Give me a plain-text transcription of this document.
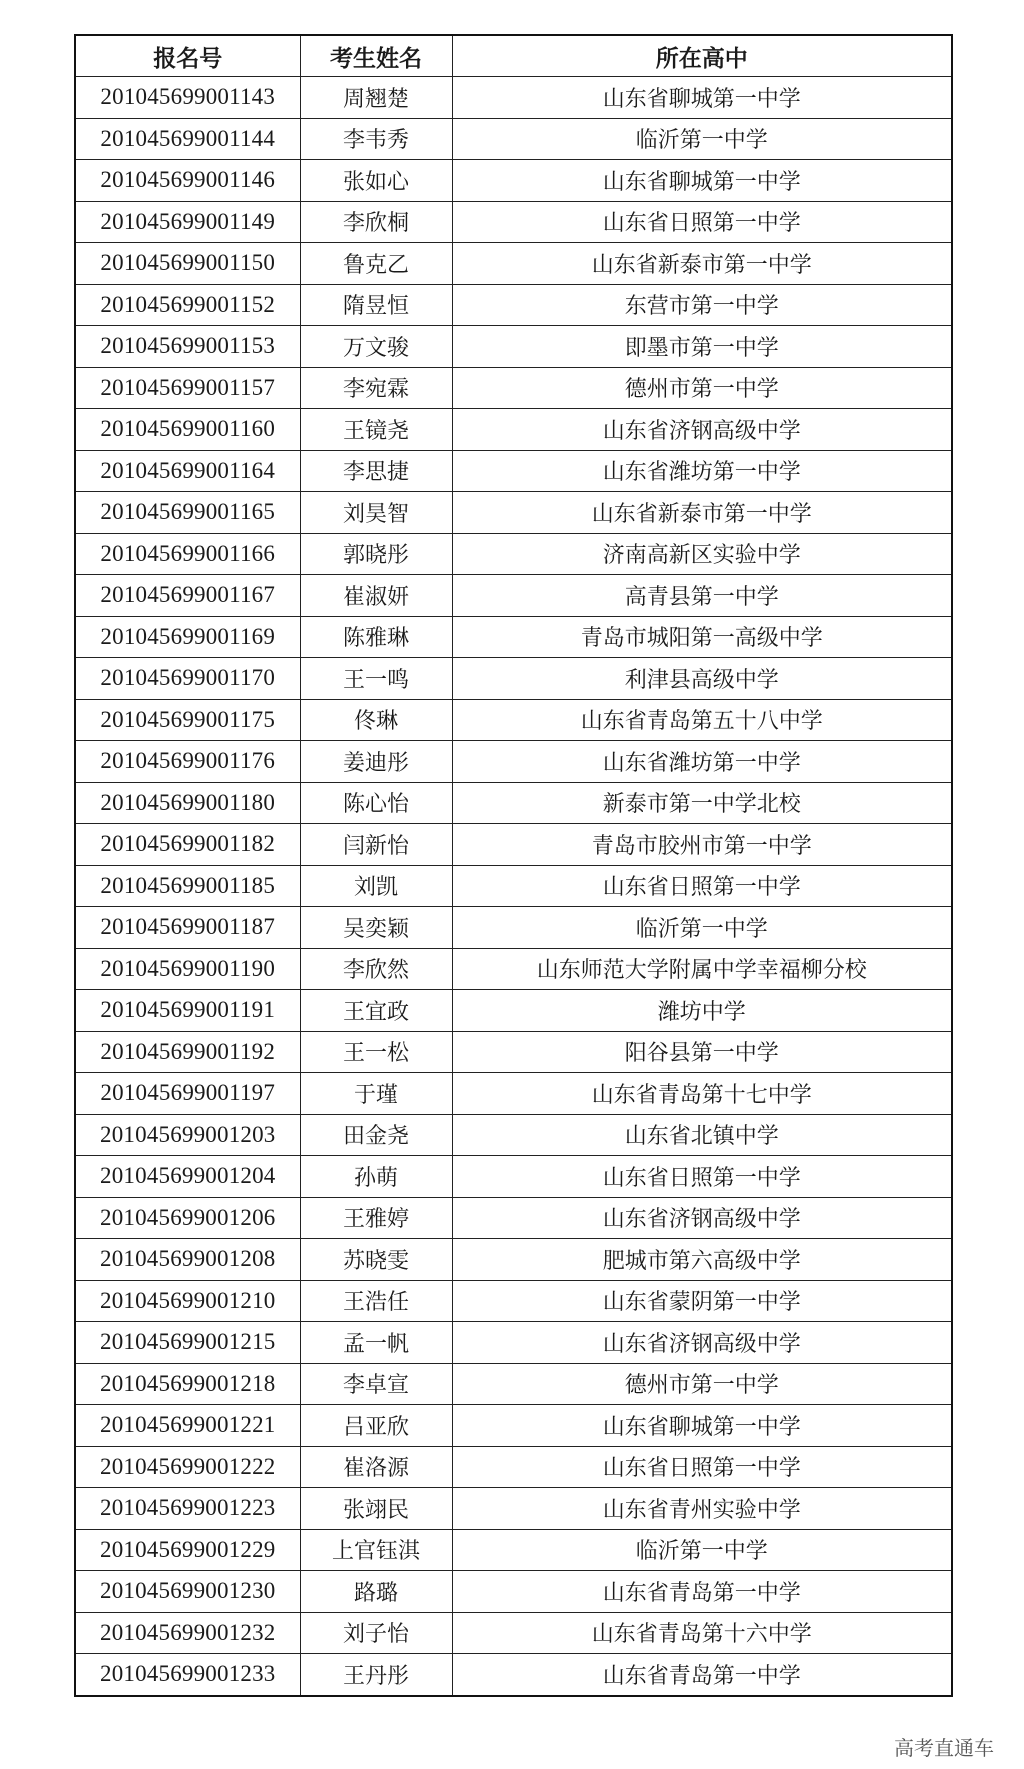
报名号	考生姓名	所在高中
201045699001143	周翘楚	山东省聊城第一中学
201045699001144	李韦秀	临沂第一中学
201045699001146	张如心	山东省聊城第一中学
201045699001149	李欣桐	山东省日照第一中学
201045699001150	鲁克乙	山东省新泰市第一中学
201045699001152	隋昱恒	东营市第一中学
201045699001153	万文骏	即墨市第一中学
201045699001157	李宛霖	德州市第一中学
201045699001160	王镜尧	山东省济钢高级中学
201045699001164	李思捷	山东省潍坊第一中学
201045699001165	刘昊智	山东省新泰市第一中学
201045699001166	郭晓彤	济南高新区实验中学
201045699001167	崔淑妍	高青县第一中学
201045699001169	陈雅琳	青岛市城阳第一高级中学
201045699001170	王一鸣	利津县高级中学
201045699001175	佟琳	山东省青岛第五十八中学
201045699001176	姜迪彤	山东省潍坊第一中学
201045699001180	陈心怡	新泰市第一中学北校
201045699001182	闫新怡	青岛市胶州市第一中学
201045699001185	刘凯	山东省日照第一中学
201045699001187	吴奕颖	临沂第一中学
201045699001190	李欣然	山东师范大学附属中学幸福柳分校
201045699001191	王宜政	潍坊中学
201045699001192	王一松	阳谷县第一中学
201045699001197	于瑾	山东省青岛第十七中学
201045699001203	田金尧	山东省北镇中学
201045699001204	孙萌	山东省日照第一中学
201045699001206	王雅婷	山东省济钢高级中学
201045699001208	苏晓雯	肥城市第六高级中学
201045699001210	王浩任	山东省蒙阴第一中学
201045699001215	孟一帆	山东省济钢高级中学
201045699001218	李卓宣	德州市第一中学
201045699001221	吕亚欣	山东省聊城第一中学
201045699001222	崔洛源	山东省日照第一中学
201045699001223	张翊民	山东省青州实验中学
201045699001229	上官钰淇	临沂第一中学
201045699001230	路璐	山东省青岛第一中学
201045699001232	刘子怡	山东省青岛第十六中学
201045699001233	王丹彤	山东省青岛第一中学
高考直通车
